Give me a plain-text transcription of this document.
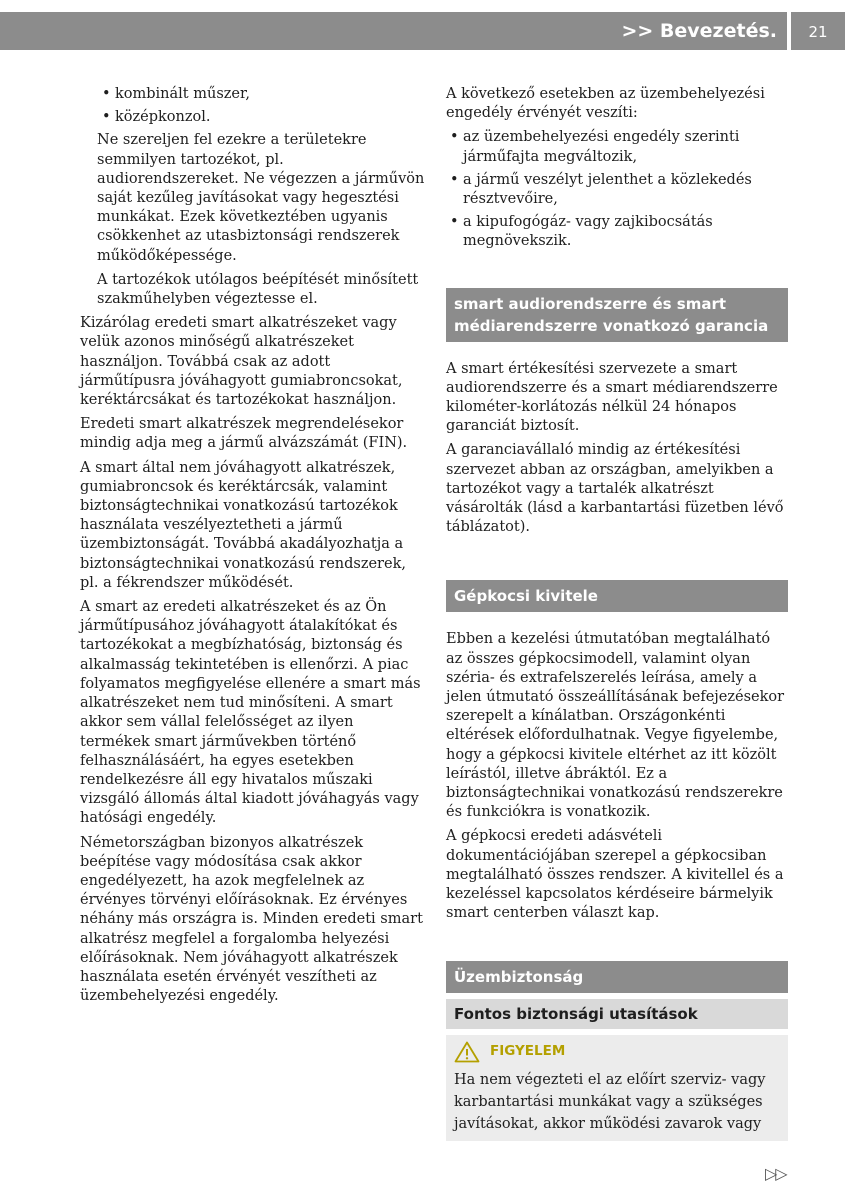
>> Bevezetés.	21
• kombinált műszer,
• középkonzol.

Ne szereljen fel ezekre a területekre semmilyen tartozékot, pl. audiorendszereket. Ne végezzen a járművön saját kezűleg javításokat vagy hegesztési munkákat. Ezek következtében ugyanis csökkenhet az utasbiztonsági rendszerek működőképessége.

A tartozékok utólagos beépítését minősített szakműhelyben végeztesse el.

Kizárólag eredeti smart alkatrészeket vagy velük azonos minőségű alkatrészeket használjon. Továbbá csak az adott járműtípusra jóváhagyott gumiabroncsokat, keréktárcsákat és tartozékokat használjon.

Eredeti smart alkatrészek megrendelésekor mindig adja meg a jármű alvázszámát (FIN).

A smart által nem jóváhagyott alkatrészek, gumiabroncsok és keréktárcsák, valamint biztonságtechnikai vonatkozású tartozékok használata veszélyeztetheti a jármű üzembiztonságát. Továbbá akadályozhatja a biztonságtechnikai vonatkozású rendszerek, pl. a fékrendszer működését.

A smart az eredeti alkatrészeket és az Ön járműtípusához jóváhagyott átalakítókat és tartozékokat a megbízhatóság, biztonság és alkalmasság tekintetében is ellenőrzi. A piac folyamatos megfigyelése ellenére a smart más alkatrészeket nem tud minősíteni. A smart akkor sem vállal felelősséget az ilyen termékek smart járművekben történő felhasználásáért, ha egyes esetekben rendelkezésre áll egy hivatalos műszaki vizsgáló állomás által kiadott jóváhagyás vagy hatósági engedély.

Németországban bizonyos alkatrészek beépítése vagy módosítása csak akkor engedélyezett, ha azok megfelelnek az érvényes törvényi előírásoknak. Ez érvényes néhány más országra is. Minden eredeti smart alkatrész megfelel a forgalomba helyezési előírásoknak. Nem jóváhagyott alkatrészek használata esetén érvényét veszítheti az üzembehelyezési engedély.

A következő esetekben az üzembehelyezési engedély érvényét veszíti:

• az üzembehelyezési engedély szerinti járműfajta megváltozik,
• a jármű veszélyt jelenthet a közlekedés résztvevőire,
• a kipufogógáz- vagy zajkibocsátás megnövekszik.
smart audiorendszerre és smart médiarendszerre vonatkozó garancia

A smart értékesítési szervezete a smart audiorendszerre és a smart médiarendszerre kilométer-korlátozás nélkül 24 hónapos garanciát biztosít.

A garanciavállaló mindig az értékesítési szervezet abban az országban, amelyikben a tartozékot vagy a tartalék alkatrészt vásárolták (lásd a karbantartási füzetben lévő táblázatot).

Gépkocsi kivitele

Ebben a kezelési útmutatóban megtalálható az összes gépkocsimodell, valamint olyan széria- és extrafelszerelés leírása, amely a jelen útmutató összeállításának befejezésekor szerepelt a kínálatban. Országonkénti eltérések előfordulhatnak. Vegye figyelembe, hogy a gépkocsi kivitele eltérhet az itt közölt leírástól, illetve ábráktól. Ez a biztonságtechnikai vonatkozású rendszerekre és funkciókra is vonatkozik.

A gépkocsi eredeti adásvételi dokumentációjában szerepel a gépkocsiban megtalálható összes rendszer. A kivitellel és a kezeléssel kapcsolatos kérdéseire bármelyik smart centerben választ kap.

Üzembiztonság
Fontos biztonsági utasítások
FIGYELEM
Ha nem végezteti el az előírt szerviz- vagy karbantartási munkákat vagy a szükséges javításokat, akkor működési zavarok vagy
▷▷
